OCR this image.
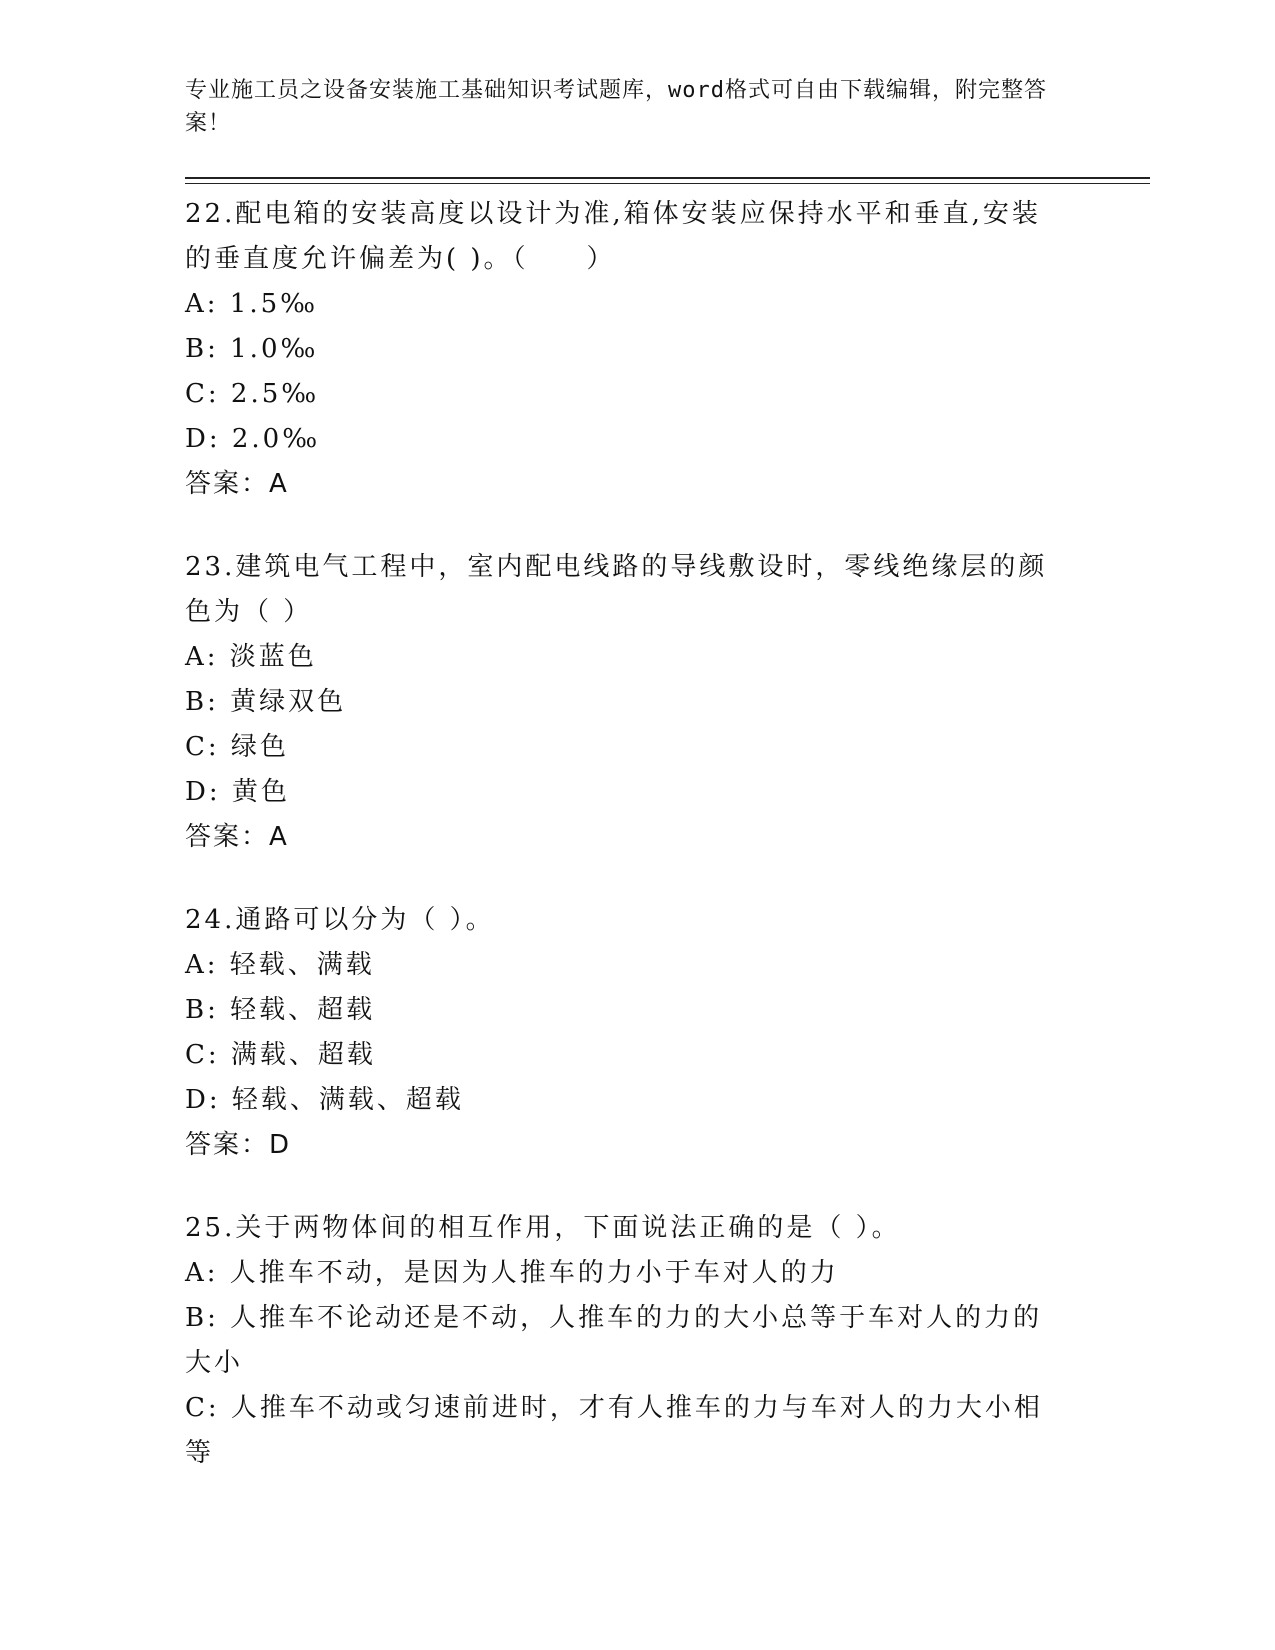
专业施工员之设备安装施工基础知识考试题库，word格式可自由下载编辑，附完整答案！

22.配电箱的安装高度以设计为准,箱体安装应保持水平和垂直,安装的垂直度允许偏差为( )。（　　）

A: 1.5‰

B: 1.0‰

C: 2.5‰

D: 2.0‰

答案：A

23.建筑电气工程中，室内配电线路的导线敷设时，零线绝缘层的颜色为（ ）

A: 淡蓝色

B: 黄绿双色

C: 绿色

D: 黄色

答案：A

24.通路可以分为（ ）。

A: 轻载、满载

B: 轻载、超载

C: 满载、超载

D: 轻载、满载、超载

答案：D

25.关于两物体间的相互作用，下面说法正确的是（ ）。

A: 人推车不动，是因为人推车的力小于车对人的力

B: 人推车不论动还是不动，人推车的力的大小总等于车对人的力的大小

C: 人推车不动或匀速前进时，才有人推车的力与车对人的力大小相等
